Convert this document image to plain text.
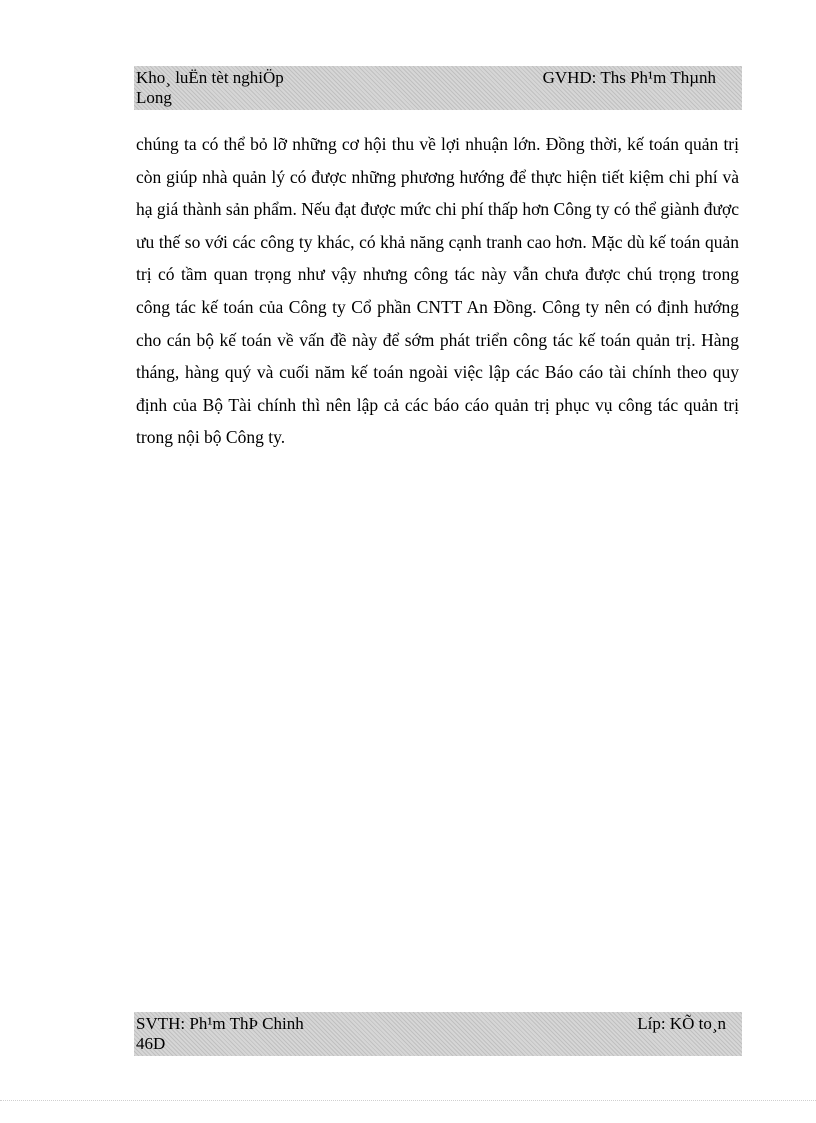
Kho¸ luËn tèt nghiÖp	GVHD: Ths Ph¹m Thµnh
Long

chúng ta có thể bỏ lỡ những cơ hội thu về lợi nhuận lớn. Đồng thời, kế toán quản trị còn giúp nhà quản lý có được những phương hướng để thực hiện tiết kiệm chi phí và hạ giá thành sản phẩm. Nếu đạt được mức chi phí thấp hơn Công ty có thể giành được ưu thế so với các công ty khác, có khả năng cạnh tranh cao hơn. Mặc dù kế toán quản trị có tầm quan trọng như vậy nhưng công tác này vẫn chưa được chú trọng trong công tác kế toán của Công ty Cổ phần CNTT An Đồng. Công ty nên có định hướng cho cán bộ kế toán về vấn đề này để sớm phát triển công tác kế toán quản trị. Hàng tháng, hàng quý và cuối năm kế toán ngoài việc lập các Báo cáo tài chính theo quy định của Bộ Tài chính thì nên lập cả các báo cáo quản trị phục vụ công tác quản trị trong nội bộ Công ty.

SVTH: Ph¹m ThÞ Chinh	Líp: KÕ to¸n
46D
